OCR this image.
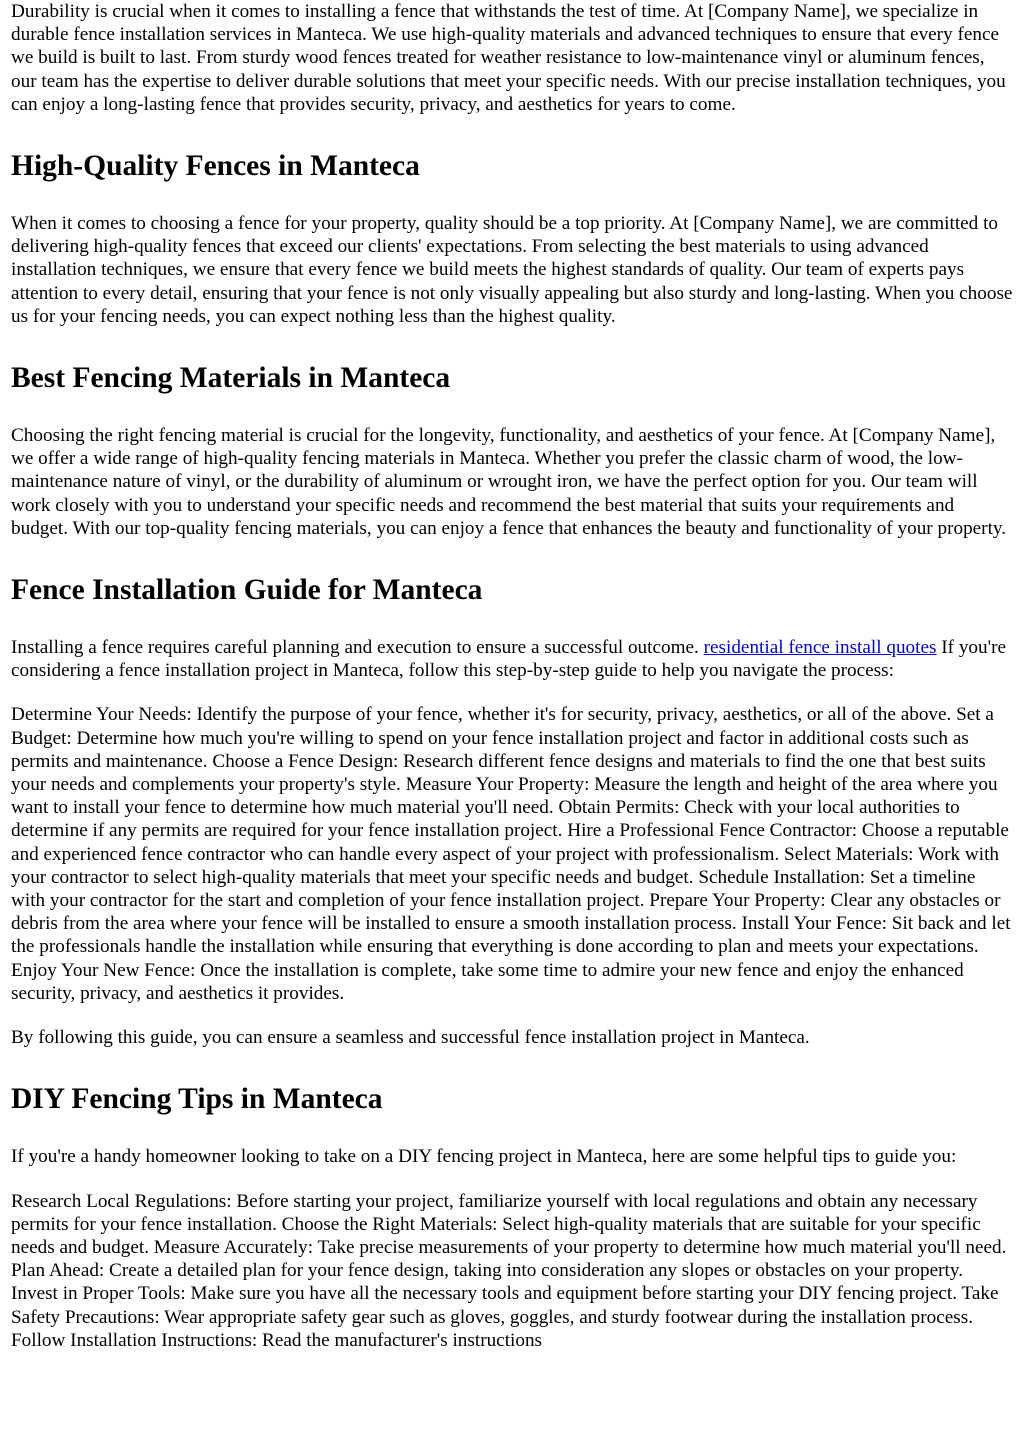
Durability is crucial when it comes to installing a fence that withstands the test of time. At [Company Name], we specialize in durable fence installation services in Manteca. We use high-quality materials and advanced techniques to ensure that every fence we build is built to last. From sturdy wood fences treated for weather resistance to low-maintenance vinyl or aluminum fences, our team has the expertise to deliver durable solutions that meet your specific needs. With our precise installation techniques, you can enjoy a long-lasting fence that provides security, privacy, and aesthetics for years to come.

High-Quality Fences in Manteca

When it comes to choosing a fence for your property, quality should be a top priority. At [Company Name], we are committed to delivering high-quality fences that exceed our clients' expectations. From selecting the best materials to using advanced installation techniques, we ensure that every fence we build meets the highest standards of quality. Our team of experts pays attention to every detail, ensuring that your fence is not only visually appealing but also sturdy and long-lasting. When you choose us for your fencing needs, you can expect nothing less than the highest quality.

Best Fencing Materials in Manteca

Choosing the right fencing material is crucial for the longevity, functionality, and aesthetics of your fence. At [Company Name], we offer a wide range of high-quality fencing materials in Manteca. Whether you prefer the classic charm of wood, the low-maintenance nature of vinyl, or the durability of aluminum or wrought iron, we have the perfect option for you. Our team will work closely with you to understand your specific needs and recommend the best material that suits your requirements and budget. With our top-quality fencing materials, you can enjoy a fence that enhances the beauty and functionality of your property.

Fence Installation Guide for Manteca

Installing a fence requires careful planning and execution to ensure a successful outcome. residential fence install quotes If you're considering a fence installation project in Manteca, follow this step-by-step guide to help you navigate the process:

Determine Your Needs: Identify the purpose of your fence, whether it's for security, privacy, aesthetics, or all of the above. Set a Budget: Determine how much you're willing to spend on your fence installation project and factor in additional costs such as permits and maintenance. Choose a Fence Design: Research different fence designs and materials to find the one that best suits your needs and complements your property's style. Measure Your Property: Measure the length and height of the area where you want to install your fence to determine how much material you'll need. Obtain Permits: Check with your local authorities to determine if any permits are required for your fence installation project. Hire a Professional Fence Contractor: Choose a reputable and experienced fence contractor who can handle every aspect of your project with professionalism. Select Materials: Work with your contractor to select high-quality materials that meet your specific needs and budget. Schedule Installation: Set a timeline with your contractor for the start and completion of your fence installation project. Prepare Your Property: Clear any obstacles or debris from the area where your fence will be installed to ensure a smooth installation process. Install Your Fence: Sit back and let the professionals handle the installation while ensuring that everything is done according to plan and meets your expectations. Enjoy Your New Fence: Once the installation is complete, take some time to admire your new fence and enjoy the enhanced security, privacy, and aesthetics it provides.

By following this guide, you can ensure a seamless and successful fence installation project in Manteca.

DIY Fencing Tips in Manteca

If you're a handy homeowner looking to take on a DIY fencing project in Manteca, here are some helpful tips to guide you:

Research Local Regulations: Before starting your project, familiarize yourself with local regulations and obtain any necessary permits for your fence installation. Choose the Right Materials: Select high-quality materials that are suitable for your specific needs and budget. Measure Accurately: Take precise measurements of your property to determine how much material you'll need. Plan Ahead: Create a detailed plan for your fence design, taking into consideration any slopes or obstacles on your property. Invest in Proper Tools: Make sure you have all the necessary tools and equipment before starting your DIY fencing project. Take Safety Precautions: Wear appropriate safety gear such as gloves, goggles, and sturdy footwear during the installation process. Follow Installation Instructions: Read the manufacturer's instructions
